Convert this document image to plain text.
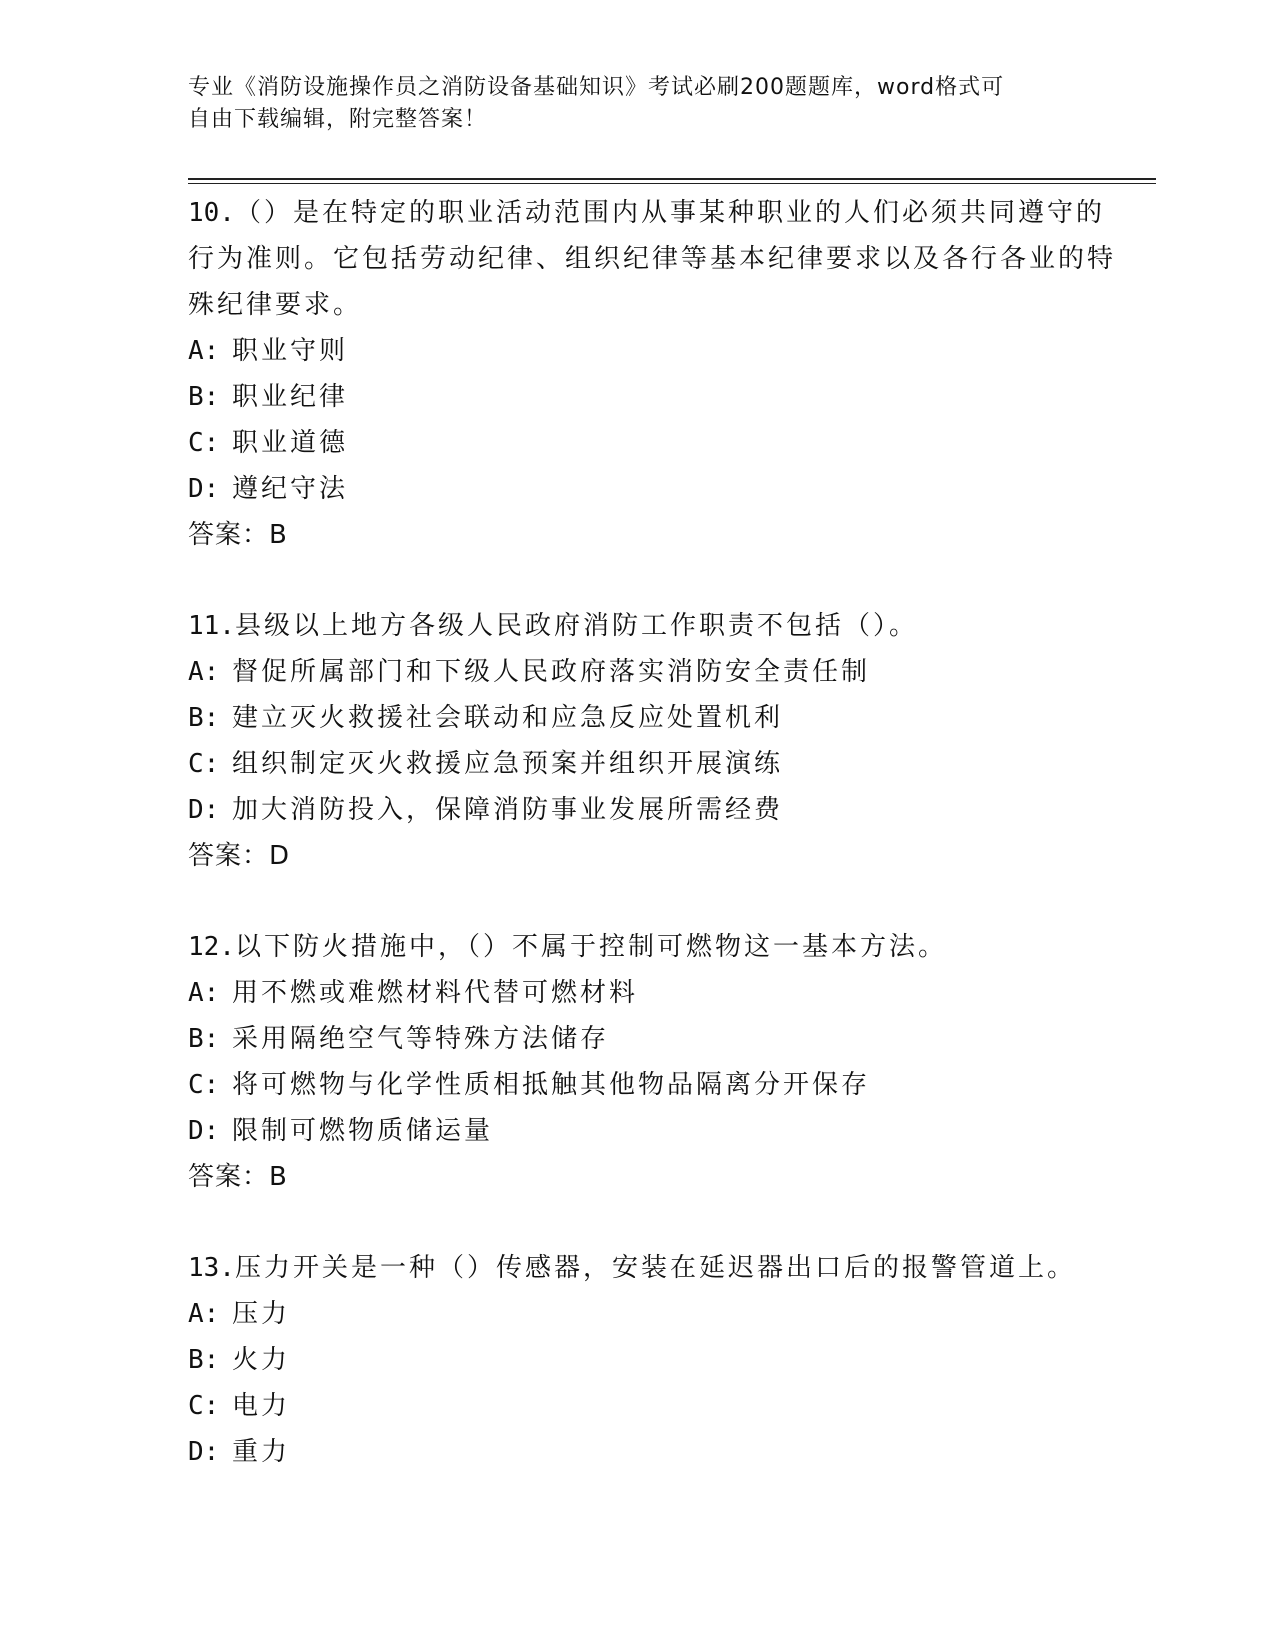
专业《消防设施操作员之消防设备基础知识》考试必刷200题题库，word格式可
自由下载编辑，附完整答案！
10.（）是在特定的职业活动范围内从事某种职业的人们必须共同遵守的行为准则。它包括劳动纪律、组织纪律等基本纪律要求以及各行各业的特殊纪律要求。
A: 职业守则
B: 职业纪律
C: 职业道德
D: 遵纪守法
答案：B
11.县级以上地方各级人民政府消防工作职责不包括（）。
A: 督促所属部门和下级人民政府落实消防安全责任制
B: 建立灭火救援社会联动和应急反应处置机利
C: 组织制定灭火救援应急预案并组织开展演练
D: 加大消防投入，保障消防事业发展所需经费
答案：D
12.以下防火措施中，（）不属于控制可燃物这一基本方法。
A: 用不燃或难燃材料代替可燃材料
B: 采用隔绝空气等特殊方法储存
C: 将可燃物与化学性质相抵触其他物品隔离分开保存
D: 限制可燃物质储运量
答案：B
13.压力开关是一种（）传感器，安装在延迟器出口后的报警管道上。
A: 压力
B: 火力
C: 电力
D: 重力
